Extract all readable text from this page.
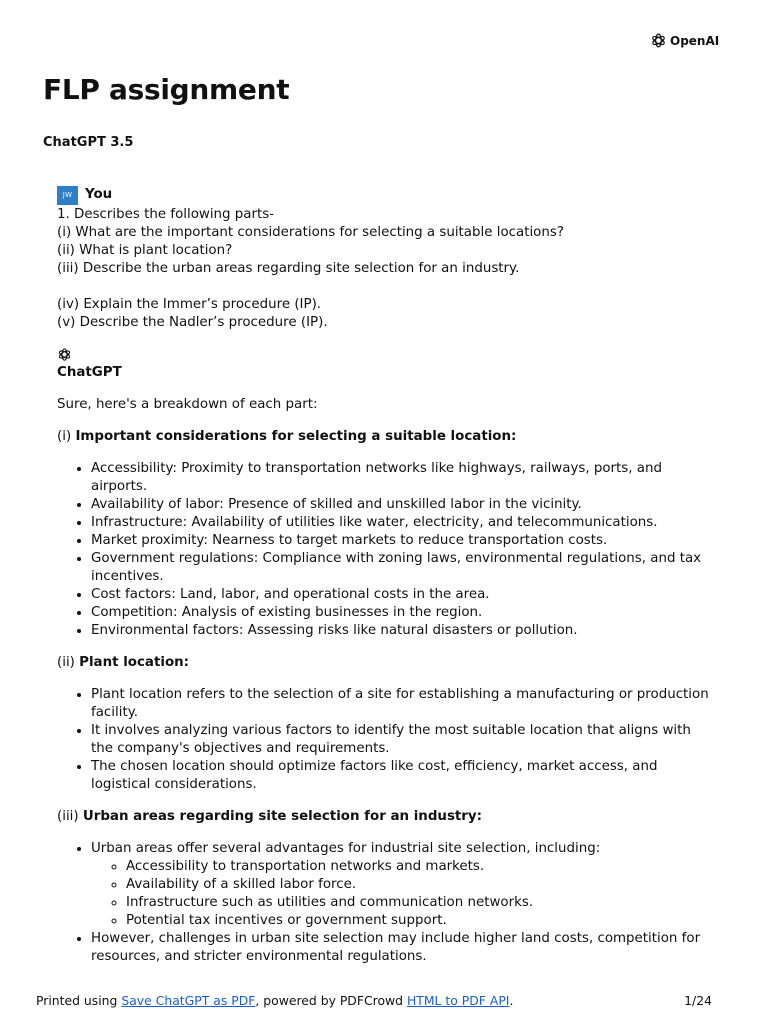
OpenAI
FLP assignment
ChatGPT 3.5
JW You

1. Describes the following parts-

(i) What are the important considerations for selecting a suitable locations?

(ii) What is plant location?

(iii) Describe the urban areas regarding site selection for an industry.

(iv) Explain the Immer’s procedure (IP).

(v) Describe the Nadler’s procedure (IP).

ChatGPT

Sure, here's a breakdown of each part:

(i) Important considerations for selecting a suitable location:

• Accessibility: Proximity to transportation networks like highways, railways, ports, and airports.
• Availability of labor: Presence of skilled and unskilled labor in the vicinity.
• Infrastructure: Availability of utilities like water, electricity, and telecommunications.
• Market proximity: Nearness to target markets to reduce transportation costs.
• Government regulations: Compliance with zoning laws, environmental regulations, and tax incentives.
• Cost factors: Land, labor, and operational costs in the area.
• Competition: Analysis of existing businesses in the region.
• Environmental factors: Assessing risks like natural disasters or pollution.

(ii) Plant location:

• Plant location refers to the selection of a site for establishing a manufacturing or production facility.
• It involves analyzing various factors to identify the most suitable location that aligns with the company's objectives and requirements.
• The chosen location should optimize factors like cost, efficiency, market access, and logistical considerations.

(iii) Urban areas regarding site selection for an industry:

• Urban areas offer several advantages for industrial site selection, including:
◦ Accessibility to transportation networks and markets.
◦ Availability of a skilled labor force.
◦ Infrastructure such as utilities and communication networks.
◦ Potential tax incentives or government support.
• However, challenges in urban site selection may include higher land costs, competition for resources, and stricter environmental regulations.
Printed using Save ChatGPT as PDF, powered by PDFCrowd HTML to PDF API.	1/24
